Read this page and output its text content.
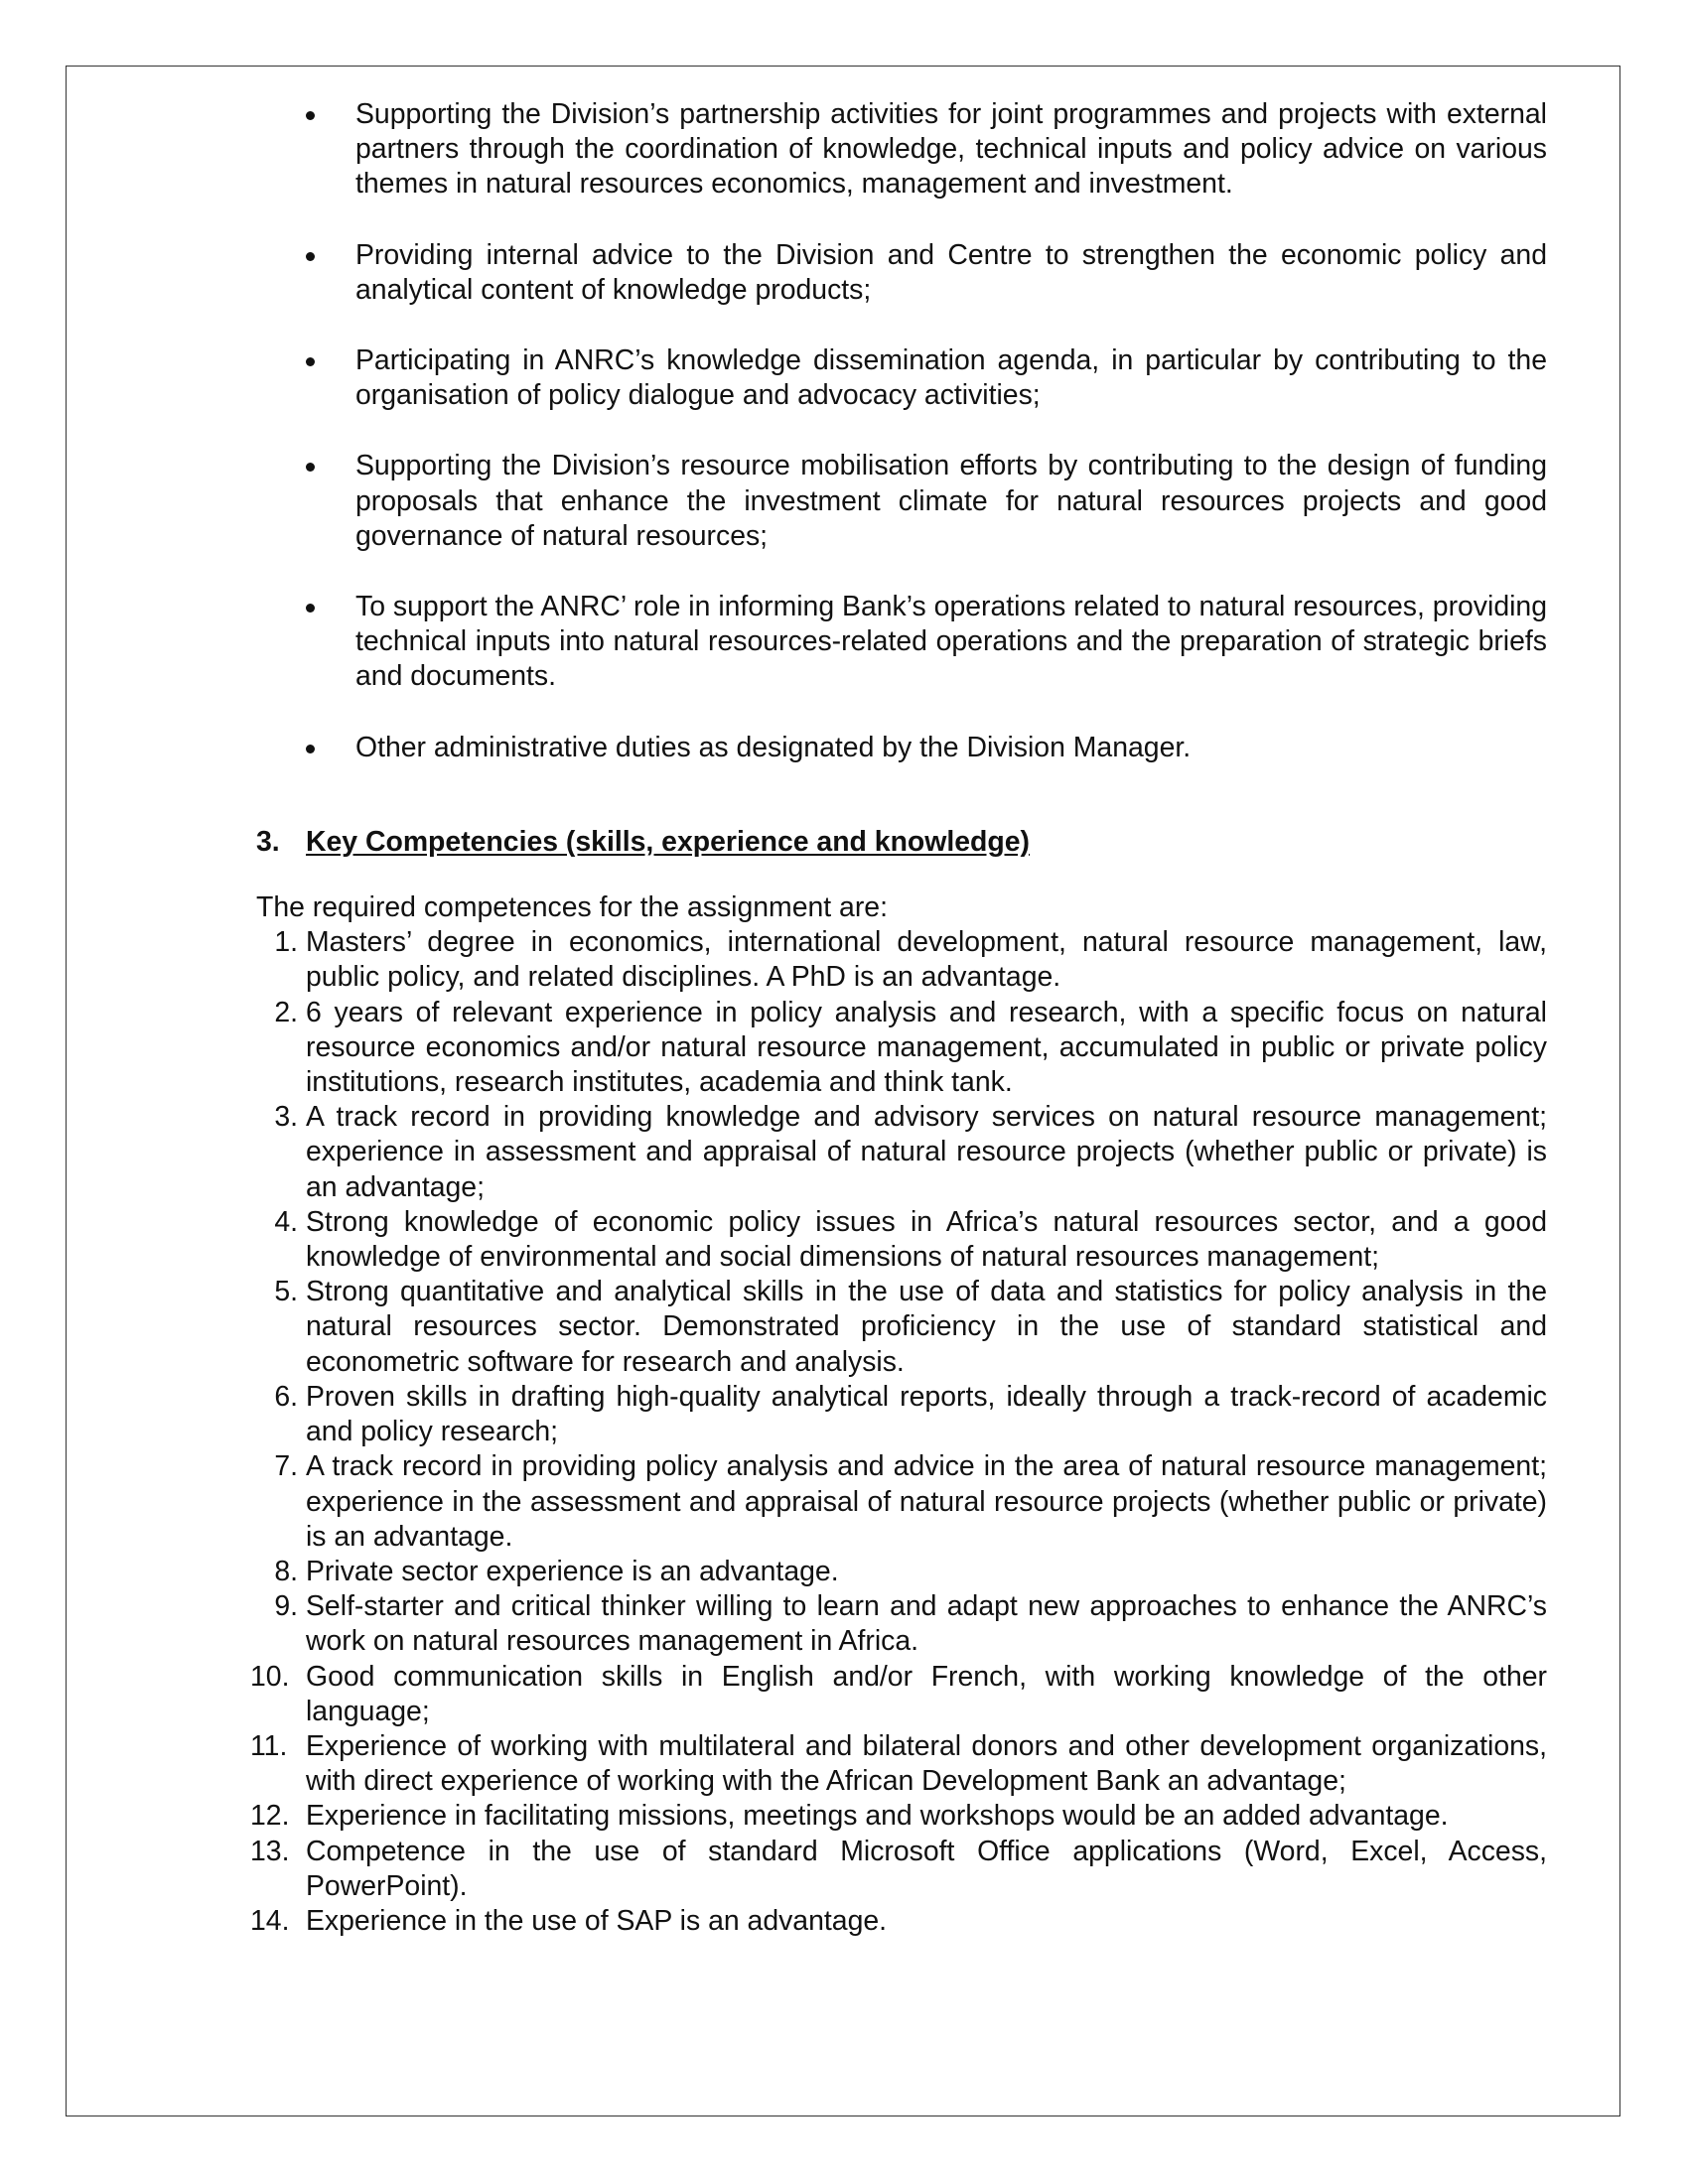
Supporting the Division’s partnership activities for joint programmes and projects with external partners through the coordination of knowledge, technical inputs and policy advice on various themes in natural resources economics, management and investment.
Providing internal advice to the Division and Centre to strengthen the economic policy and analytical content of knowledge products;
Participating in ANRC’s knowledge dissemination agenda, in particular by contributing to the organisation of policy dialogue and advocacy activities;
Supporting the Division’s resource mobilisation efforts by contributing to the design of funding proposals that enhance the investment climate for natural resources projects and good governance of natural resources;
To support the ANRC’ role in informing Bank’s operations related to natural resources, providing technical inputs into natural resources-related operations and the preparation of strategic briefs and documents.
Other administrative duties as designated by the Division Manager.
3. Key Competencies (skills, experience and knowledge)
The required competences for the assignment are:
1. Masters’ degree in economics, international development, natural resource management, law, public policy, and related disciplines. A PhD is an advantage.
2. 6 years of relevant experience in policy analysis and research, with a specific focus on natural resource economics and/or natural resource management, accumulated in public or private policy institutions, research institutes, academia and think tank.
3. A track record in providing knowledge and advisory services on natural resource management; experience in assessment and appraisal of natural resource projects (whether public or private) is an advantage;
4. Strong knowledge of economic policy issues in Africa’s natural resources sector, and a good knowledge of environmental and social dimensions of natural resources management;
5. Strong quantitative and analytical skills in the use of data and statistics for policy analysis in the natural resources sector. Demonstrated proficiency in the use of standard statistical and econometric software for research and analysis.
6. Proven skills in drafting high-quality analytical reports, ideally through a track-record of academic and policy research;
7. A track record in providing policy analysis and advice in the area of natural resource management; experience in the assessment and appraisal of natural resource projects (whether public or private) is an advantage.
8. Private sector experience is an advantage.
9. Self-starter and critical thinker willing to learn and adapt new approaches to enhance the ANRC’s work on natural resources management in Africa.
10. Good communication skills in English and/or French, with working knowledge of the other language;
11. Experience of working with multilateral and bilateral donors and other development organizations, with direct experience of working with the African Development Bank an advantage;
12. Experience in facilitating missions, meetings and workshops would be an added advantage.
13. Competence in the use of standard Microsoft Office applications (Word, Excel, Access, PowerPoint).
14. Experience in the use of SAP is an advantage.
